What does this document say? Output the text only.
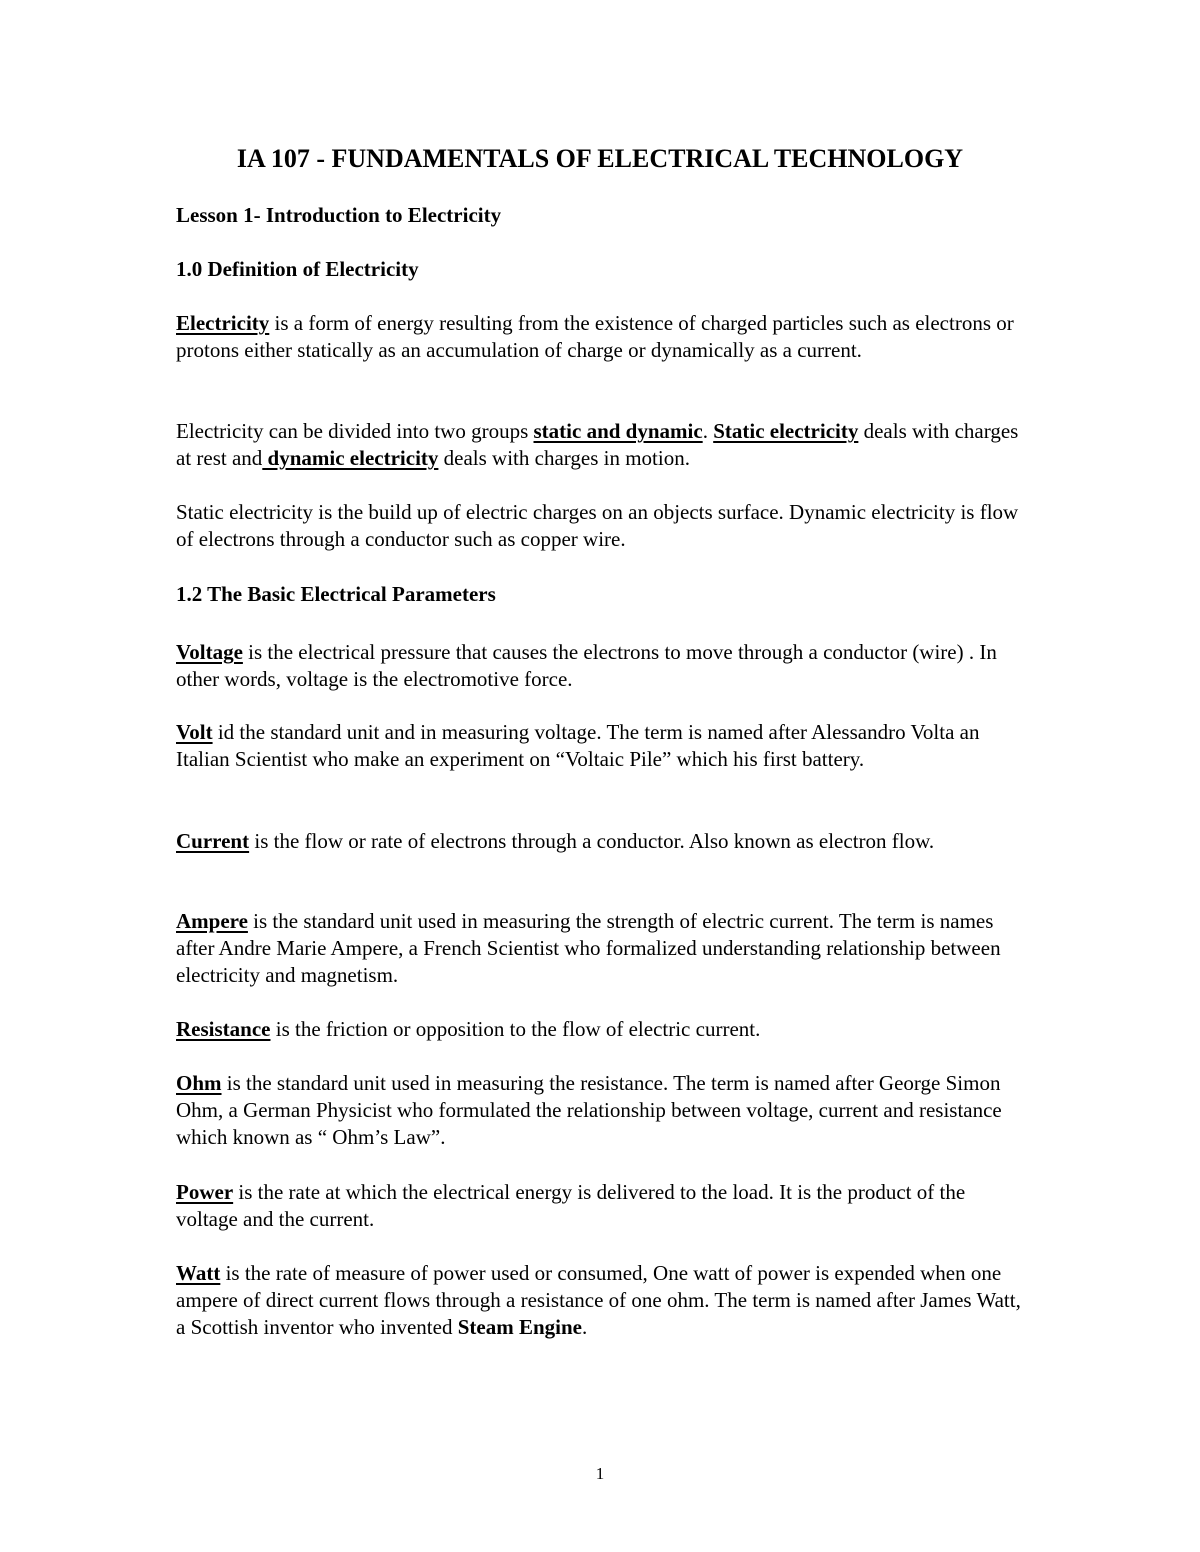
IA 107 - FUNDAMENTALS OF ELECTRICAL TECHNOLOGY

Lesson 1- Introduction to Electricity

1.0 Definition of Electricity

Electricity is a form of energy resulting from the existence of charged particles such as electrons or protons either statically as an accumulation of charge or dynamically as a current.

Electricity can be divided into two groups static and dynamic. Static electricity deals with charges at rest and dynamic electricity deals with charges in motion.

Static electricity is the build up of electric charges on an objects surface. Dynamic electricity is flow of electrons through a conductor such as copper wire.

1.2 The Basic Electrical Parameters

Voltage is the electrical pressure that causes the electrons to move through a conductor (wire) . In other words, voltage is the electromotive force.

Volt id the standard unit and in measuring voltage. The term is named after Alessandro Volta an Italian Scientist who make an experiment on “Voltaic Pile” which his first battery.

Current is the flow or rate of electrons through a conductor. Also known as electron flow.

Ampere is the standard unit used in measuring the strength of electric current. The term is names after Andre Marie Ampere, a French Scientist who formalized understanding relationship between electricity and magnetism.

Resistance is the friction or opposition to the flow of electric current.

Ohm is the standard unit used in measuring the resistance. The term is named after George Simon Ohm, a German Physicist who formulated the relationship between voltage, current and resistance which known as “ Ohm’s Law”.

Power is the rate at which the electrical energy is delivered to the load. It is the product of the voltage and the current.

Watt is the rate of measure of power used or consumed, One watt of power is expended when one ampere of direct current flows through a resistance of one ohm. The term is named after James Watt, a Scottish inventor who invented Steam Engine.

1
